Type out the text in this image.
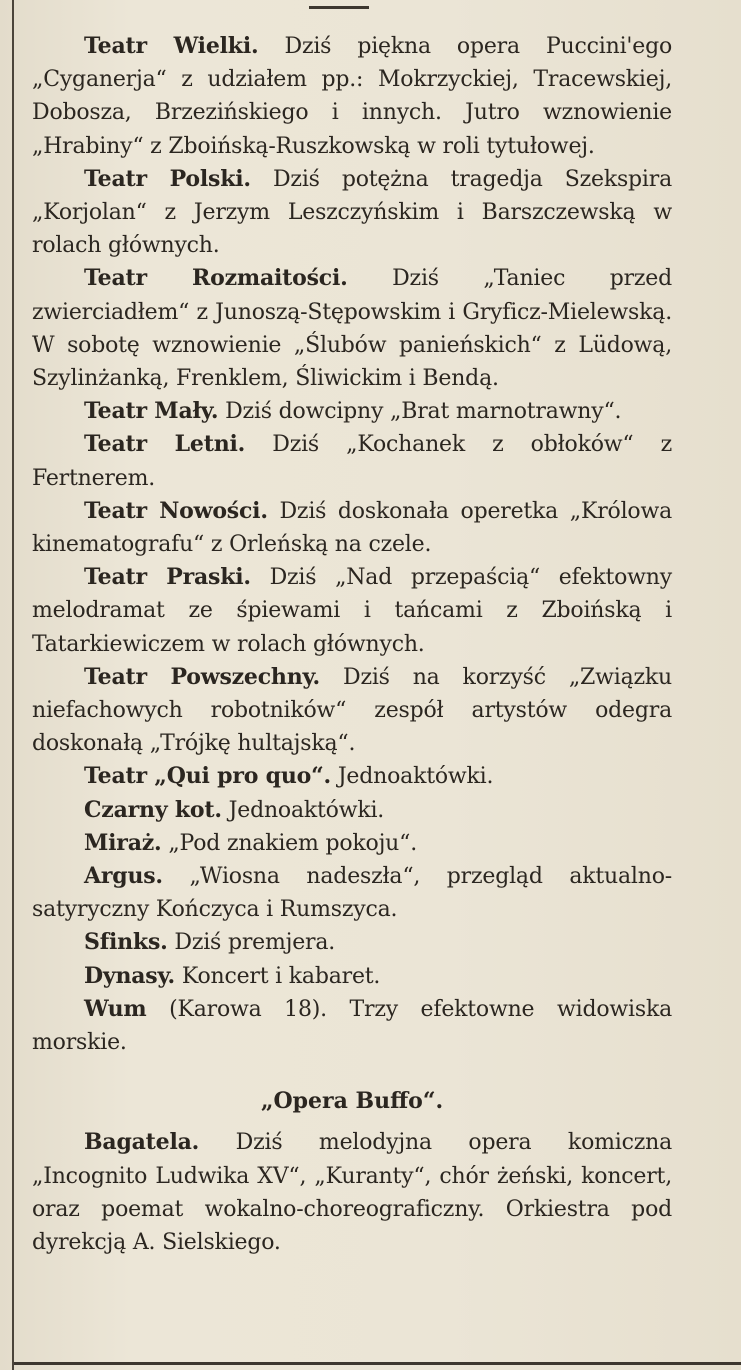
Teatr Wielki. Dziś piękna opera Puccini'ego „Cyganerja“ z udziałem pp.: Mokrzyckiej, Tracewskiej, Dobosza, Brzezińskiego i innych. Jutro wznowienie „Hrabiny“ z Zboińską-Ruszkowską w roli tytułowej.

Teatr Polski. Dziś potężna tragedja Szekspira „Korjolan“ z Jerzym Leszczyńskim i Barszczewską w rolach głównych.

Teatr Rozmaitości. Dziś „Taniec przed zwierciadłem“ z Junoszą-Stępowskim i Gryficz-Mielewską. W sobotę wznowienie „Ślubów panieńskich“ z Lüdową, Szylinżanką, Frenklem, Śliwickim i Bendą.

Teatr Mały. Dziś dowcipny „Brat marnotrawny“.

Teatr Letni. Dziś „Kochanek z obłoków“ z Fertnerem.

Teatr Nowości. Dziś doskonała operetka „Królowa kinematografu“ z Orleńską na czele.

Teatr Praski. Dziś „Nad przepaścią“ efektowny melodramat ze śpiewami i tańcami z Zboińską i Tatarkiewiczem w rolach głównych.

Teatr Powszechny. Dziś na korzyść „Związku niefachowych robotników“ zespół artystów odegra doskonałą „Trójkę hultajską“.

Teatr „Qui pro quo“. Jednoaktówki.

Czarny kot. Jednoaktówki.

Miraż. „Pod znakiem pokoju“.

Argus. „Wiosna nadeszła“, przegląd aktualno-satyryczny Kończyca i Rumszyca.

Sfinks. Dziś premjera.

Dynasy. Koncert i kabaret.

Wum (Karowa 18). Trzy efektowne widowiska morskie.

„Opera Buffo“.

Bagatela. Dziś melodyjna opera komiczna „Incognito Ludwika XV“, „Kuranty“, chór żeński, koncert, oraz poemat wokalno-choreograficzny. Orkiestra pod dyrekcją A. Sielskiego.
